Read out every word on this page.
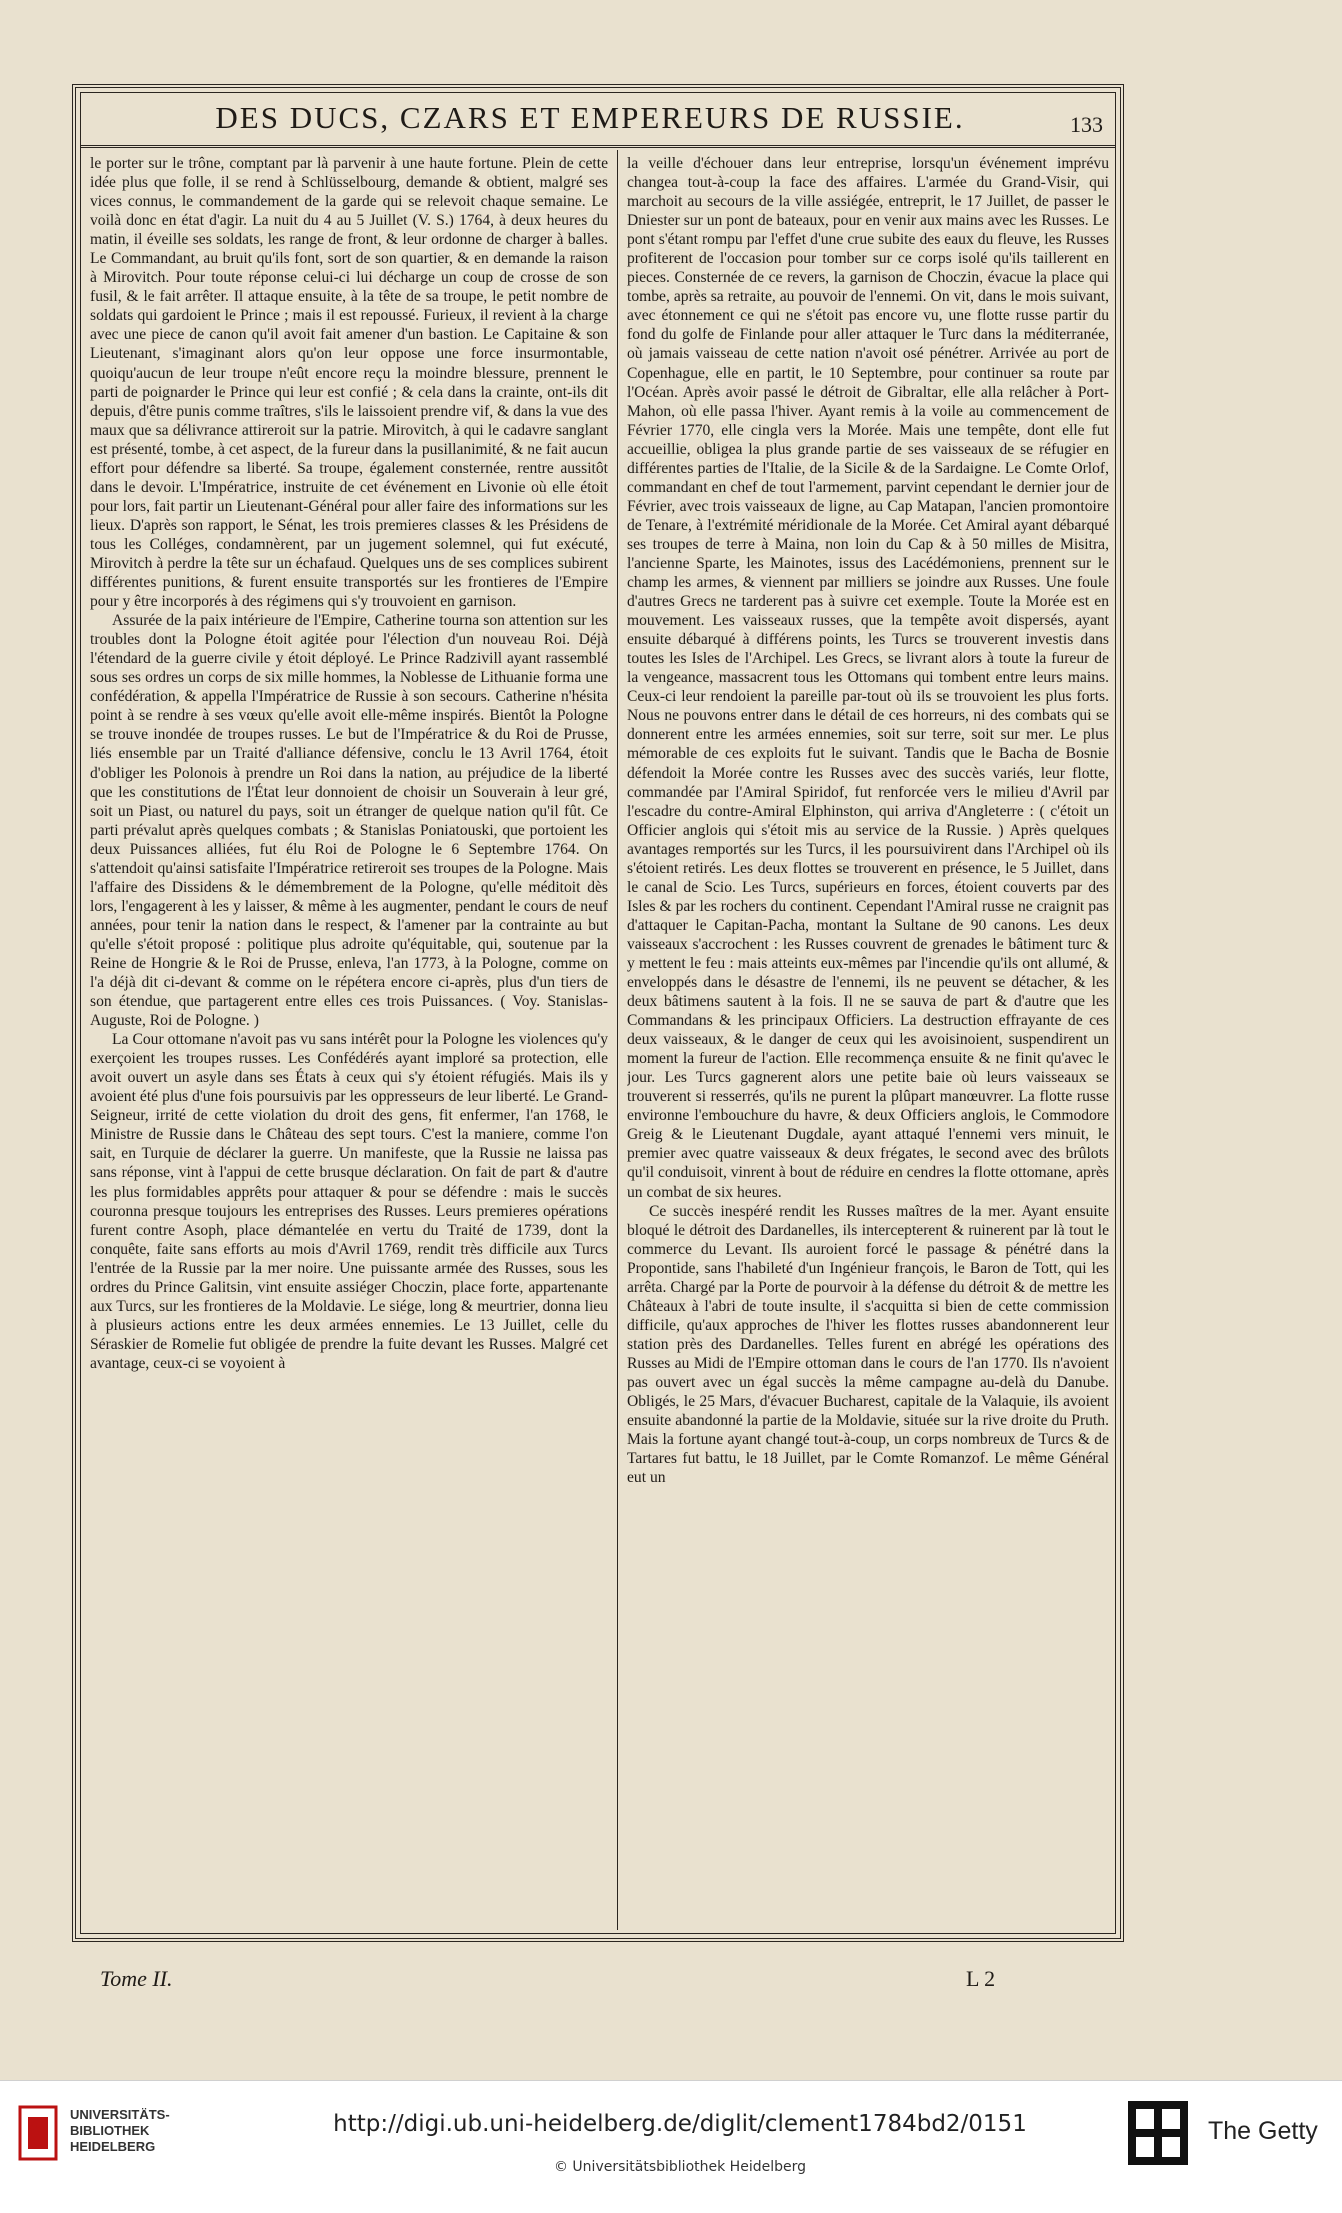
DES DUCS, CZARS ET EMPEREURS DE RUSSIE.	133

le porter sur le trône, comptant par là parvenir à une haute fortune. Plein de cette idée plus que folle, il se rend à Schlüsselbourg, demande & obtient, malgré ses vices connus, le commandement de la garde qui se relevoit chaque semaine. Le voilà donc en état d'agir. La nuit du 4 au 5 Juillet (V. S.) 1764, à deux heures du matin, il éveille ses soldats, les range de front, & leur ordonne de charger à balles. Le Commandant, au bruit qu'ils font, sort de son quartier, & en demande la raison à Mirovitch. Pour toute réponse celui-ci lui décharge un coup de crosse de son fusil, & le fait arrêter. Il attaque ensuite, à la tête de sa troupe, le petit nombre de soldats qui gardoient le Prince ; mais il est repoussé. Furieux, il revient à la charge avec une piece de canon qu'il avoit fait amener d'un bastion. Le Capitaine & son Lieutenant, s'imaginant alors qu'on leur oppose une force insurmontable, quoiqu'aucun de leur troupe n'eût encore reçu la moindre blessure, prennent le parti de poignarder le Prince qui leur est confié ; & cela dans la crainte, ont-ils dit depuis, d'être punis comme traîtres, s'ils le laissoient prendre vif, & dans la vue des maux que sa délivrance attireroit sur la patrie. Mirovitch, à qui le cadavre sanglant est présenté, tombe, à cet aspect, de la fureur dans la pusillanimité, & ne fait aucun effort pour défendre sa liberté. Sa troupe, également consternée, rentre aussitôt dans le devoir. L'Impératrice, instruite de cet événement en Livonie où elle étoit pour lors, fait partir un Lieutenant-Général pour aller faire des informations sur les lieux. D'après son rapport, le Sénat, les trois premieres classes & les Présidens de tous les Colléges, condamnèrent, par un jugement solemnel, qui fut exécuté, Mirovitch à perdre la tête sur un échafaud. Quelques uns de ses complices subirent différentes punitions, & furent ensuite transportés sur les frontieres de l'Empire pour y être incorporés à des régimens qui s'y trouvoient en garnison.

Assurée de la paix intérieure de l'Empire, Catherine tourna son attention sur les troubles dont la Pologne étoit agitée pour l'élection d'un nouveau Roi. Déjà l'étendard de la guerre civile y étoit déployé. Le Prince Radzivill ayant rassemblé sous ses ordres un corps de six mille hommes, la Noblesse de Lithuanie forma une confédération, & appella l'Impératrice de Russie à son secours. Catherine n'hésita point à se rendre à ses vœux qu'elle avoit elle-même inspirés. Bientôt la Pologne se trouve inondée de troupes russes. Le but de l'Impératrice & du Roi de Prusse, liés ensemble par un Traité d'alliance défensive, conclu le 13 Avril 1764, étoit d'obliger les Polonois à prendre un Roi dans la nation, au préjudice de la liberté que les constitutions de l'État leur donnoient de choisir un Souverain à leur gré, soit un Piast, ou naturel du pays, soit un étranger de quelque nation qu'il fût. Ce parti prévalut après quelques combats ; & Stanislas Poniatouski, que portoient les deux Puissances alliées, fut élu Roi de Pologne le 6 Septembre 1764. On s'attendoit qu'ainsi satisfaite l'Impératrice retireroit ses troupes de la Pologne. Mais l'affaire des Dissidens & le démembrement de la Pologne, qu'elle méditoit dès lors, l'engagerent à les y laisser, & même à les augmenter, pendant le cours de neuf années, pour tenir la nation dans le respect, & l'amener par la contrainte au but qu'elle s'étoit proposé : politique plus adroite qu'équitable, qui, soutenue par la Reine de Hongrie & le Roi de Prusse, enleva, l'an 1773, à la Pologne, comme on l'a déjà dit ci-devant & comme on le répétera encore ci-après, plus d'un tiers de son étendue, que partagerent entre elles ces trois Puissances. ( Voy. Stanislas-Auguste, Roi de Pologne. )

La Cour ottomane n'avoit pas vu sans intérêt pour la Pologne les violences qu'y exerçoient les troupes russes. Les Confédérés ayant imploré sa protection, elle avoit ouvert un asyle dans ses États à ceux qui s'y étoient réfugiés. Mais ils y avoient été plus d'une fois poursuivis par les oppresseurs de leur liberté. Le Grand-Seigneur, irrité de cette violation du droit des gens, fit enfermer, l'an 1768, le Ministre de Russie dans le Château des sept tours. C'est la maniere, comme l'on sait, en Turquie de déclarer la guerre. Un manifeste, que la Russie ne laissa pas sans réponse, vint à l'appui de cette brusque déclaration. On fait de part & d'autre les plus formidables apprêts pour attaquer & pour se défendre : mais le succès couronna presque toujours les entreprises des Russes. Leurs premieres opérations furent contre Asoph, place démantelée en vertu du Traité de 1739, dont la conquête, faite sans efforts au mois d'Avril 1769, rendit très difficile aux Turcs l'entrée de la Russie par la mer noire. Une puissante armée des Russes, sous les ordres du Prince Galitsin, vint ensuite assiéger Choczin, place forte, appartenante aux Turcs, sur les frontieres de la Moldavie. Le siége, long & meurtrier, donna lieu à plusieurs actions entre les deux armées ennemies. Le 13 Juillet, celle du Séraskier de Romelie fut obligée de prendre la fuite devant les Russes. Malgré cet avantage, ceux-ci se voyoient à

la veille d'échouer dans leur entreprise, lorsqu'un événement imprévu changea tout-à-coup la face des affaires. L'armée du Grand-Visir, qui marchoit au secours de la ville assiégée, entreprit, le 17 Juillet, de passer le Dniester sur un pont de bateaux, pour en venir aux mains avec les Russes. Le pont s'étant rompu par l'effet d'une crue subite des eaux du fleuve, les Russes profiterent de l'occasion pour tomber sur ce corps isolé qu'ils taillerent en pieces. Consternée de ce revers, la garnison de Choczin, évacue la place qui tombe, après sa retraite, au pouvoir de l'ennemi. On vit, dans le mois suivant, avec étonnement ce qui ne s'étoit pas encore vu, une flotte russe partir du fond du golfe de Finlande pour aller attaquer le Turc dans la méditerranée, où jamais vaisseau de cette nation n'avoit osé pénétrer. Arrivée au port de Copenhague, elle en partit, le 10 Septembre, pour continuer sa route par l'Océan. Après avoir passé le détroit de Gibraltar, elle alla relâcher à Port-Mahon, où elle passa l'hiver. Ayant remis à la voile au commencement de Février 1770, elle cingla vers la Morée. Mais une tempête, dont elle fut accueillie, obligea la plus grande partie de ses vaisseaux de se réfugier en différentes parties de l'Italie, de la Sicile & de la Sardaigne. Le Comte Orlof, commandant en chef de tout l'armement, parvint cependant le dernier jour de Février, avec trois vaisseaux de ligne, au Cap Matapan, l'ancien promontoire de Tenare, à l'extrémité méridionale de la Morée. Cet Amiral ayant débarqué ses troupes de terre à Maina, non loin du Cap & à 50 milles de Misitra, l'ancienne Sparte, les Mainotes, issus des Lacédémoniens, prennent sur le champ les armes, & viennent par milliers se joindre aux Russes. Une foule d'autres Grecs ne tarderent pas à suivre cet exemple. Toute la Morée est en mouvement. Les vaisseaux russes, que la tempête avoit dispersés, ayant ensuite débarqué à différens points, les Turcs se trouverent investis dans toutes les Isles de l'Archipel. Les Grecs, se livrant alors à toute la fureur de la vengeance, massacrent tous les Ottomans qui tombent entre leurs mains. Ceux-ci leur rendoient la pareille par-tout où ils se trouvoient les plus forts. Nous ne pouvons entrer dans le détail de ces horreurs, ni des combats qui se donnerent entre les armées ennemies, soit sur terre, soit sur mer. Le plus mémorable de ces exploits fut le suivant. Tandis que le Bacha de Bosnie défendoit la Morée contre les Russes avec des succès variés, leur flotte, commandée par l'Amiral Spiridof, fut renforcée vers le milieu d'Avril par l'escadre du contre-Amiral Elphinston, qui arriva d'Angleterre : ( c'étoit un Officier anglois qui s'étoit mis au service de la Russie. ) Après quelques avantages remportés sur les Turcs, il les poursuivirent dans l'Archipel où ils s'étoient retirés. Les deux flottes se trouverent en présence, le 5 Juillet, dans le canal de Scio. Les Turcs, supérieurs en forces, étoient couverts par des Isles & par les rochers du continent. Cependant l'Amiral russe ne craignit pas d'attaquer le Capitan-Pacha, montant la Sultane de 90 canons. Les deux vaisseaux s'accrochent : les Russes couvrent de grenades le bâtiment turc & y mettent le feu : mais atteints eux-mêmes par l'incendie qu'ils ont allumé, & enveloppés dans le désastre de l'ennemi, ils ne peuvent se détacher, & les deux bâtimens sautent à la fois. Il ne se sauva de part & d'autre que les Commandans & les principaux Officiers. La destruction effrayante de ces deux vaisseaux, & le danger de ceux qui les avoisinoient, suspendirent un moment la fureur de l'action. Elle recommença ensuite & ne finit qu'avec le jour. Les Turcs gagnerent alors une petite baie où leurs vaisseaux se trouverent si resserrés, qu'ils ne purent la plûpart manœuvrer. La flotte russe environne l'embouchure du havre, & deux Officiers anglois, le Commodore Greig & le Lieutenant Dugdale, ayant attaqué l'ennemi vers minuit, le premier avec quatre vaisseaux & deux frégates, le second avec des brûlots qu'il conduisoit, vinrent à bout de réduire en cendres la flotte ottomane, après un combat de six heures.

Ce succès inespéré rendit les Russes maîtres de la mer. Ayant ensuite bloqué le détroit des Dardanelles, ils intercepterent & ruinerent par là tout le commerce du Levant. Ils auroient forcé le passage & pénétré dans la Propontide, sans l'habileté d'un Ingénieur françois, le Baron de Tott, qui les arrêta. Chargé par la Porte de pourvoir à la défense du détroit & de mettre les Châteaux à l'abri de toute insulte, il s'acquitta si bien de cette commission difficile, qu'aux approches de l'hiver les flottes russes abandonnerent leur station près des Dardanelles. Telles furent en abrégé les opérations des Russes au Midi de l'Empire ottoman dans le cours de l'an 1770. Ils n'avoient pas ouvert avec un égal succès la même campagne au-delà du Danube. Obligés, le 25 Mars, d'évacuer Bucharest, capitale de la Valaquie, ils avoient ensuite abandonné la partie de la Moldavie, située sur la rive droite du Pruth. Mais la fortune ayant changé tout-à-coup, un corps nombreux de Turcs & de Tartares fut battu, le 18 Juillet, par le Comte Romanzof. Le même Général eut un

Tome II.	L 2
UNIVERSITÄTS-
BIBLIOTHEK
HEIDELBERG
http://digi.ub.uni-heidelberg.de/diglit/clement1784bd2/0151
© Universitätsbibliothek Heidelberg
The Getty
